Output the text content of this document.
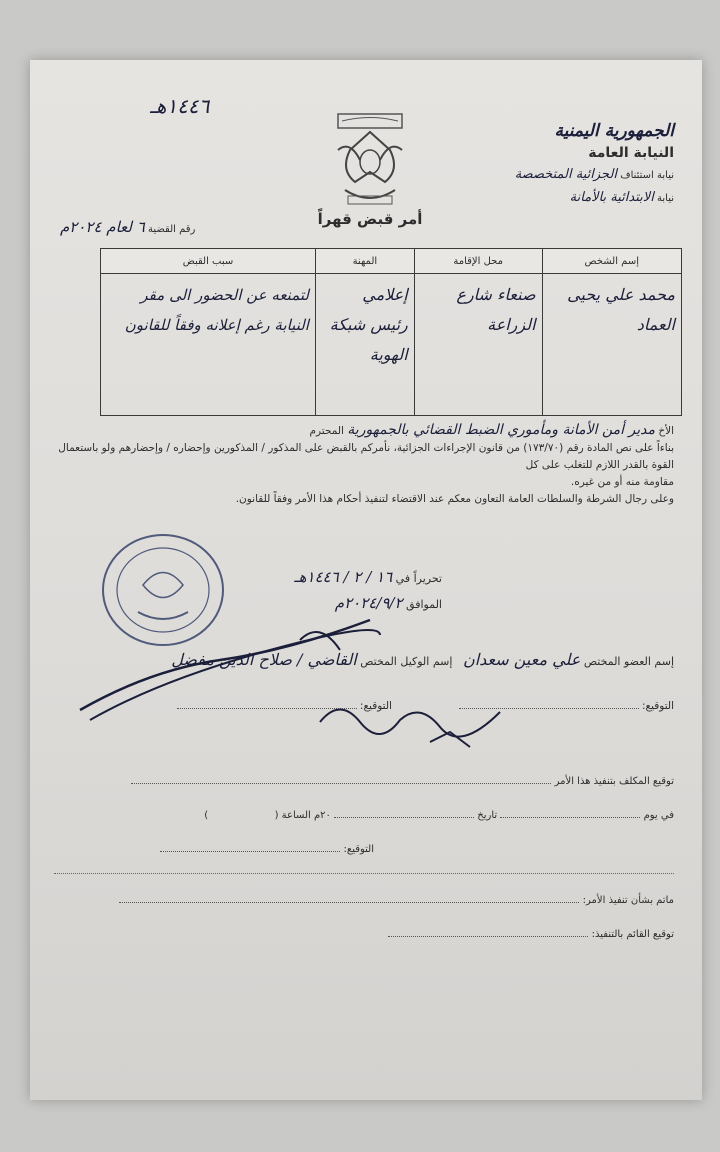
١٤٤٦هـ
الجمهورية اليمنية
النيابة العامة
نيابة استئناف الجزائية المتخصصة
نيابة الابتدائية بالأمانة
أمر قبض قهراً
رقم القضية ٦ لعام ٢٠٢٤م
إسم الشخص	محل الإقامة	المهنة	سبب القبض
محمد علي يحيى العماد	صنعاء شارع الزراعة	إعلامي رئيس شبكة الهوية	لتمنعه عن الحضور الى مقر النيابة رغم إعلانه وفقاً للقانون
الأخ مدير أمن الأمانة ومأموري الضبط القضائي بالجمهورية المحترم
بناءاً على نص المادة رقم (١٧٣/٧٠) من قانون الإجراءات الجزائية، نأمركم بالقبض على المذكور / المذكورين وإحضاره / وإحضارهم ولو باستعمال القوة بالقدر اللازم للتغلب على كل
مقاومة منه أو من غيره.
وعلى رجال الشرطة والسلطات العامة التعاون معكم عند الاقتضاء لتنفيذ أحكام هذا الأمر وفقاً للقانون.
تحريراً في ١٦ / ٢ / ١٤٤٦هـ
الموافق ٢٠٢٤/٩/٢م
إسم العضو المختص علي معين سعدان   إسم الوكيل المختص القاضي / صلاح الدين مفضل
التوقيع:   التوقيع:
توقيع المكلف بتنفيذ هذا الأمر
في يوم  تاريخ  ٢٠م الساعة (  )
التوقيع:
ماتم بشأن تنفيذ الأمر:
توقيع القائم بالتنفيذ:
